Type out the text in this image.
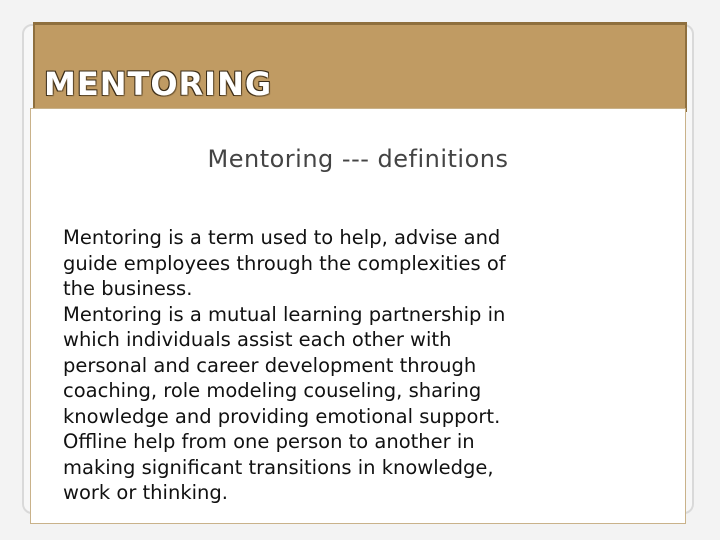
MENTORING
Mentoring --- definitions

Mentoring is a term used to help, advise and
guide employees through the complexities of
the business.

Mentoring is a mutual learning partnership in
which individuals assist each other with
personal and career development through
coaching, role modeling couseling, sharing
knowledge and providing emotional support.

Offline help from one person to another in
making significant transitions in knowledge,
work or thinking.
